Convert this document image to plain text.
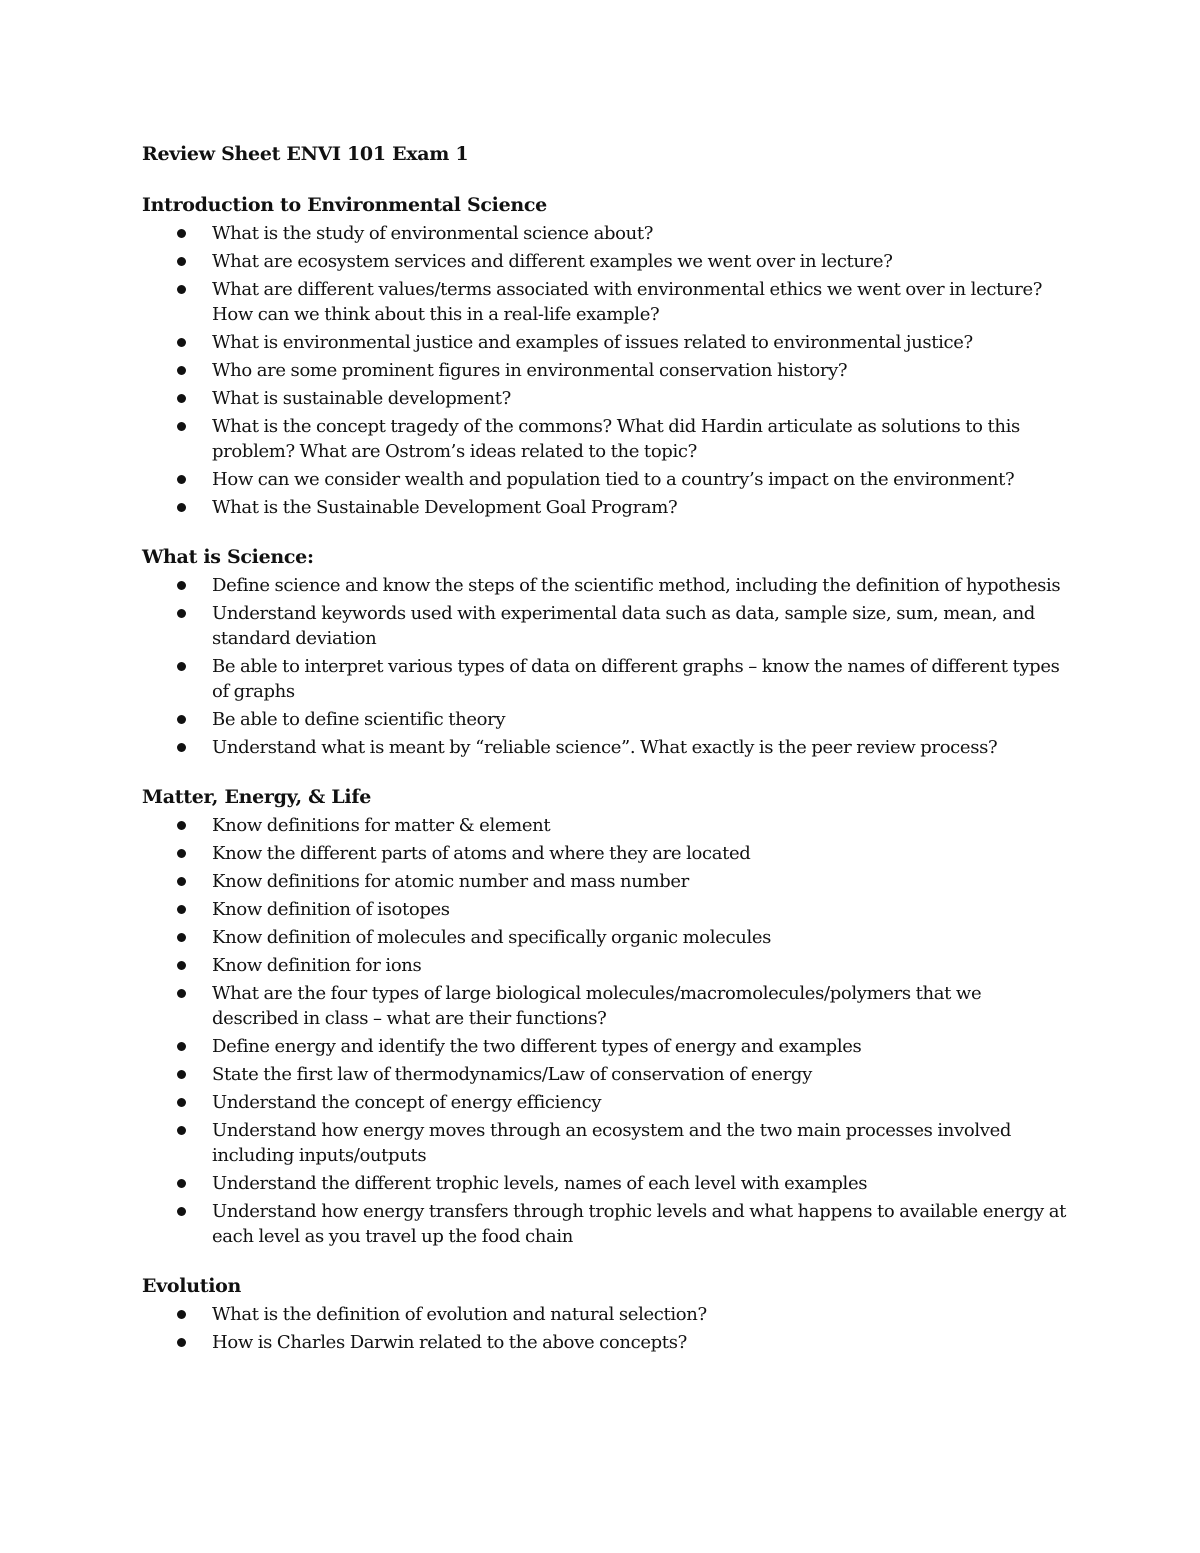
Review Sheet ENVI 101 Exam 1
Introduction to Environmental Science
What is the study of environmental science about?
What are ecosystem services and different examples we went over in lecture?
What are different values/terms associated with environmental ethics we went over in lecture? How can we think about this in a real-life example?
What is environmental justice and examples of issues related to environmental justice?
Who are some prominent figures in environmental conservation history?
What is sustainable development?
What is the concept tragedy of the commons? What did Hardin articulate as solutions to this problem? What are Ostrom’s ideas related to the topic?
How can we consider wealth and population tied to a country’s impact on the environment?
What is the Sustainable Development Goal Program?
What is Science:
Define science and know the steps of the scientific method, including the definition of hypothesis
Understand keywords used with experimental data such as data, sample size, sum, mean, and standard deviation
Be able to interpret various types of data on different graphs – know the names of different types of graphs
Be able to define scientific theory
Understand what is meant by “reliable science”. What exactly is the peer review process?
Matter, Energy, & Life
Know definitions for matter & element
Know the different parts of atoms and where they are located
Know definitions for atomic number and mass number
Know definition of isotopes
Know definition of molecules and specifically organic molecules
Know definition for ions
What are the four types of large biological molecules/macromolecules/polymers that we described in class – what are their functions?
Define energy and identify the two different types of energy and examples
State the first law of thermodynamics/Law of conservation of energy
Understand the concept of energy efficiency
Understand how energy moves through an ecosystem and the two main processes involved including inputs/outputs
Understand the different trophic levels, names of each level with examples
Understand how energy transfers through trophic levels and what happens to available energy at each level as you travel up the food chain
Evolution
What is the definition of evolution and natural selection?
How is Charles Darwin related to the above concepts?
